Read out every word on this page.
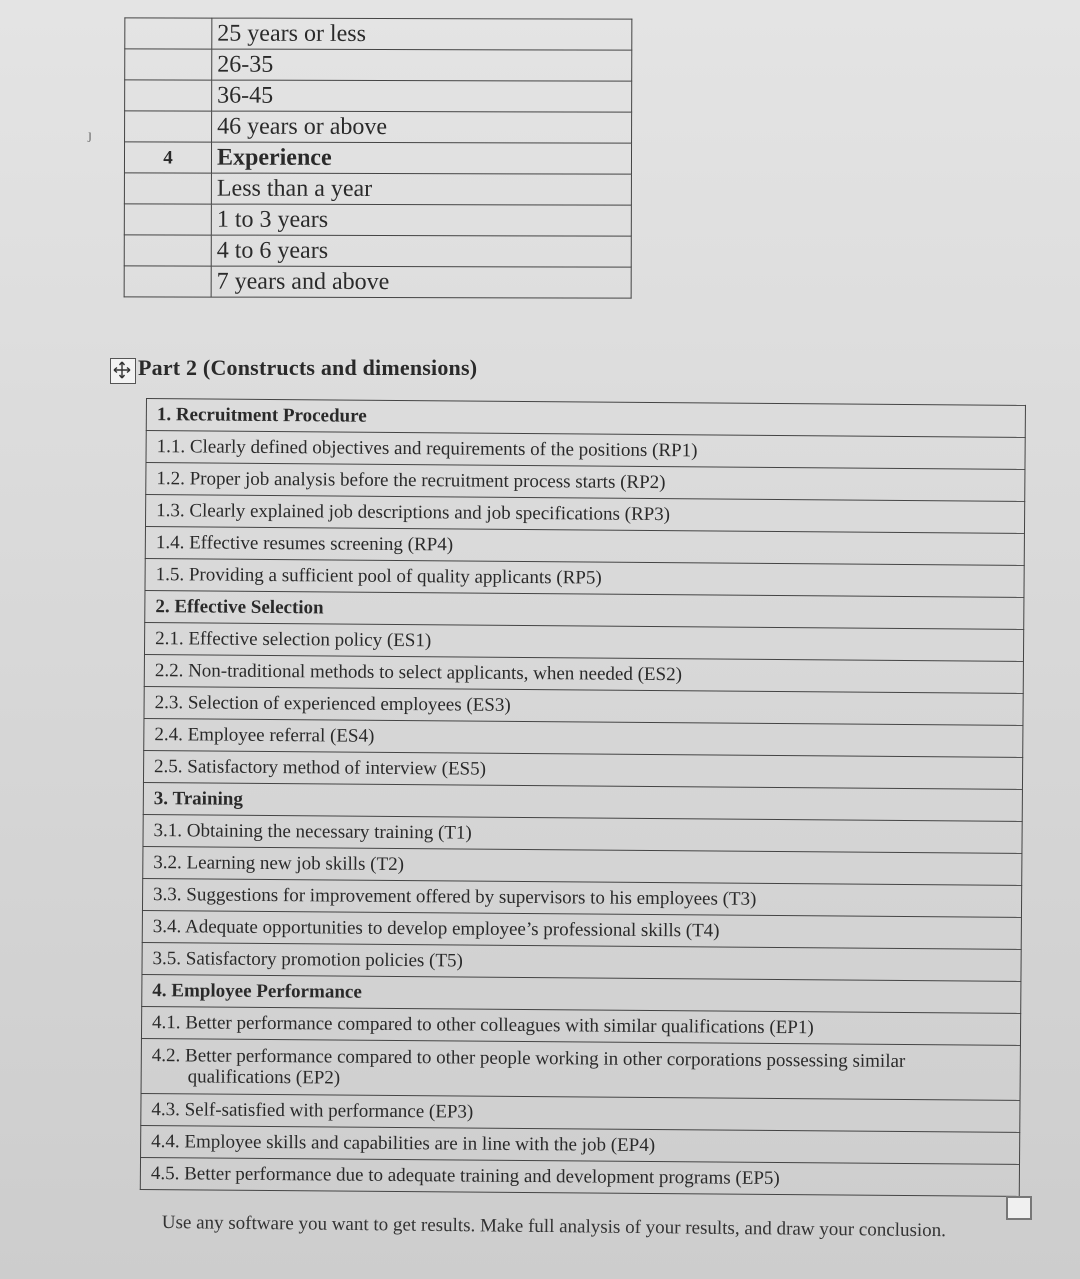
ȷ
	25 years or less
	26-35
	36-45
	46 years or above
4	Experience
	Less than a year
	1 to 3 years
	4 to 6 years
	7 years and above
Part 2 (Constructs and dimensions)
1. Recruitment Procedure
1.1. Clearly defined objectives and requirements of the positions (RP1)
1.2. Proper job analysis before the recruitment process starts (RP2)
1.3. Clearly explained job descriptions and job specifications (RP3)
1.4. Effective resumes screening (RP4)
1.5. Providing a sufficient pool of quality applicants (RP5)
2. Effective Selection
2.1. Effective selection policy (ES1)
2.2. Non-traditional methods to select applicants, when needed (ES2)
2.3. Selection of experienced employees (ES3)
2.4. Employee referral (ES4)
2.5. Satisfactory method of interview (ES5)
3. Training
3.1. Obtaining the necessary training (T1)
3.2. Learning new job skills (T2)
3.3. Suggestions for improvement offered by supervisors to his employees (T3)
3.4. Adequate opportunities to develop employee’s professional skills (T4)
3.5. Satisfactory promotion policies (T5)
4. Employee Performance
4.1. Better performance compared to other colleagues with similar qualifications (EP1)
4.2. Better performance compared to other people working in other corporations possessing similar
qualifications (EP2)

4.3. Self-satisfied with performance (EP3)
4.4. Employee skills and capabilities are in line with the job (EP4)
4.5. Better performance due to adequate training and development programs (EP5)
Use any software you want to get results. Make full analysis of your results, and draw your conclusion.
